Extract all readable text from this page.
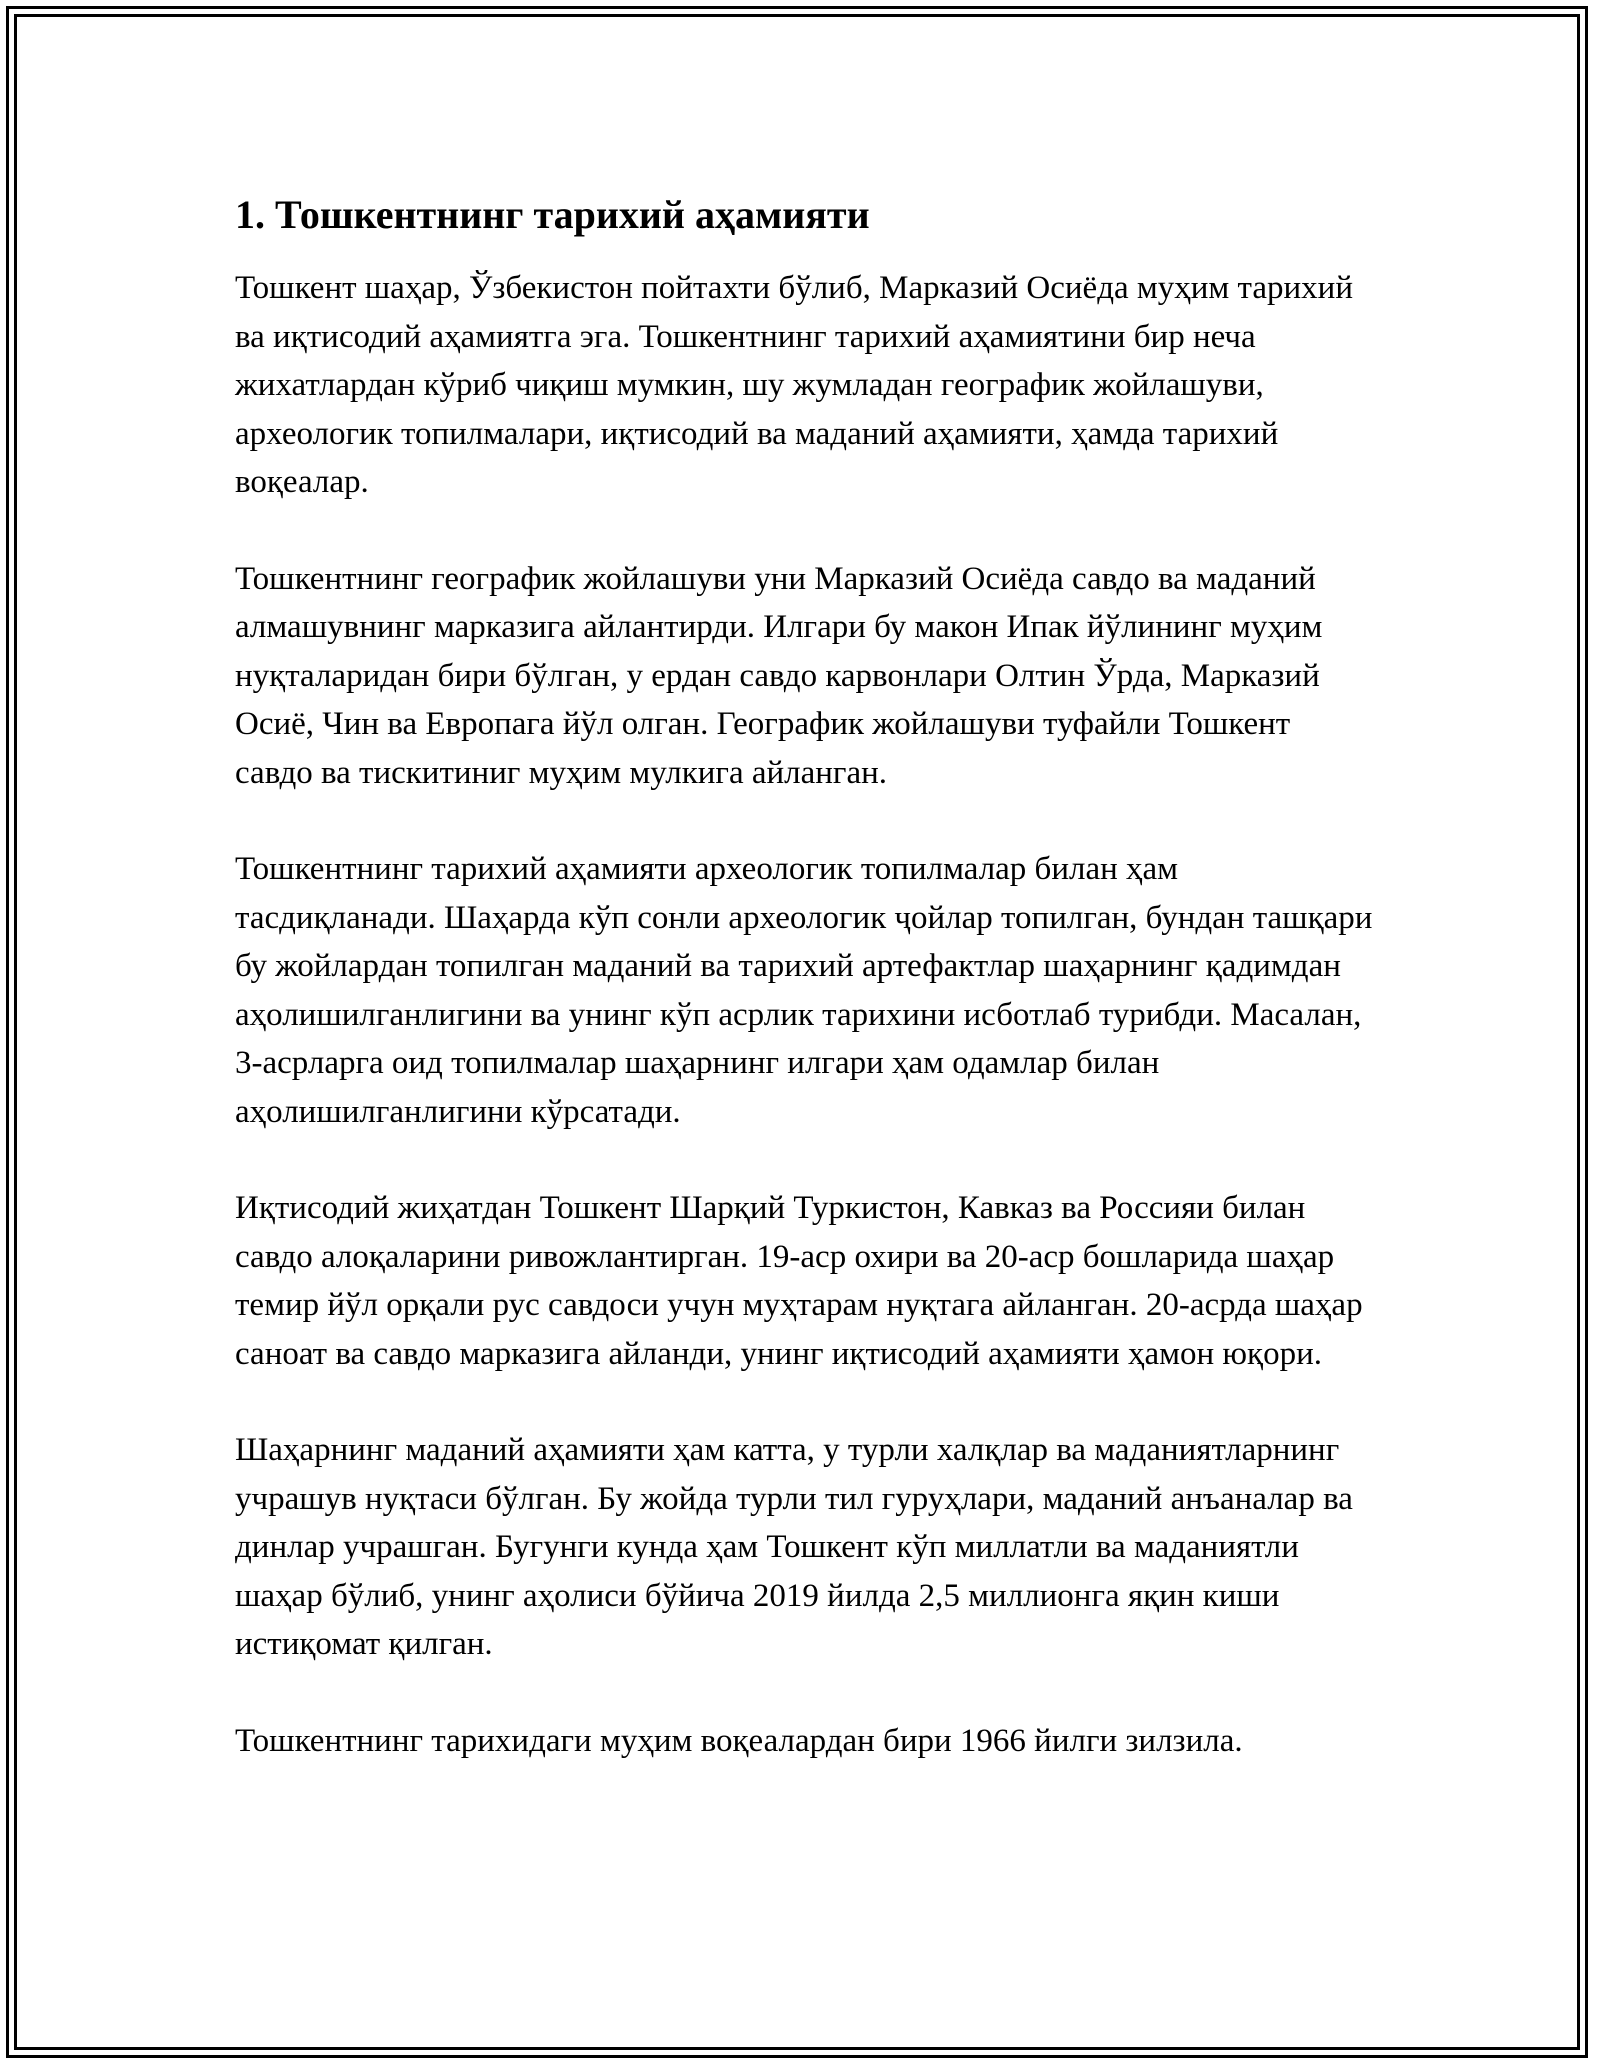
1. Тошкентнинг тарихий аҳамияти

Тошкент шаҳар, Ўзбекистон пойтахти бўлиб, Марказий Осиёда муҳим тарихий ва иқтисодий аҳамиятга эга. Тошкентнинг тарихий аҳамиятини бир неча жихатлардан кўриб чиқиш мумкин, шу жумладан географик жойлашуви, археологик топилмалари, иқтисодий ва маданий аҳамияти, ҳамда тарихий воқеалар.

Тошкентнинг географик жойлашуви уни Марказий Осиёда савдо ва маданий алмашувнинг марказига айлантирди. Илгари бу макон Ипак йўлининг муҳим нуқталаридан бири бўлган, у ердан савдо карвонлари Олтин Ўрда, Марказий Осиё, Чин ва Европага йўл олган. Географик жойлашуви туфайли Тошкент савдо ва тискитиниг муҳим мулкига айланган.

Тошкентнинг тарихий аҳамияти археологик топилмалар билан ҳам тасдиқланади. Шаҳарда кўп сонли археологик ҷойлар топилган, бундан ташқари бу жойлардан топилган маданий ва тарихий артефактлар шаҳарнинг қадимдан аҳолишилганлигини ва унинг кўп асрлик тарихини исботлаб турибди. Масалан, 3-асрларга оид топилмалар шаҳарнинг илгари ҳам одамлар билан аҳолишилганлигини кўрсатади.

Иқтисодий жиҳатдан Тошкент Шарқий Туркистон, Кавказ ва Россияи билан савдо алоқаларини ривожлантирган. 19-аср охири ва 20-аср бошларида шаҳар темир йўл орқали рус савдоси учун муҳтарам нуқтага айланган. 20-асрда шаҳар саноат ва савдо марказига айланди, унинг иқтисодий аҳамияти ҳамон юқори.

Шаҳарнинг маданий аҳамияти ҳам катта, у турли халқлар ва маданиятларнинг учрашув нуқтаси бўлган. Бу жойда турли тил гуруҳлари, маданий анъаналар ва динлар учрашган. Бугунги кунда ҳам Тошкент кўп миллатли ва маданиятли шаҳар бўлиб, унинг аҳолиси бўйича 2019 йилда 2,5 миллионга яқин киши истиқомат қилган.

Тошкентнинг тарихидаги муҳим воқеалардан бири 1966 йилги зилзила.
